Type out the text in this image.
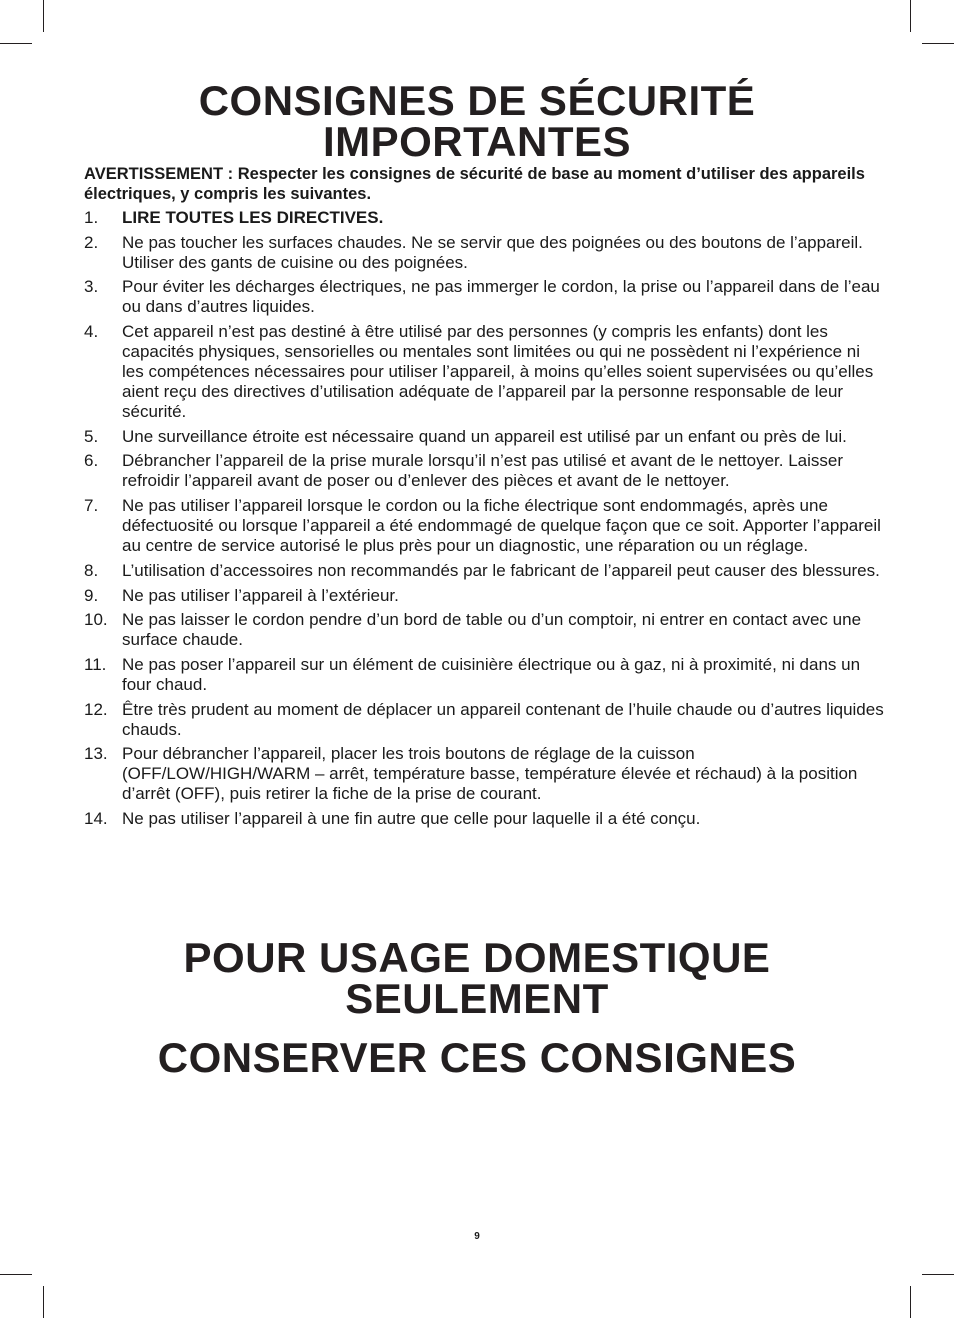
CONSIGNES DE SÉCURITÉ
IMPORTANTES

AVERTISSEMENT : Respecter les consignes de sécurité de base au moment d’utiliser des appareils électriques, y compris les suivantes.

1.	LIRE TOUTES LES DIRECTIVES.
2.	Ne pas toucher les surfaces chaudes. Ne se servir que des poignées ou des boutons de l’appareil. Utiliser des gants de cuisine ou des poignées.
3.	Pour éviter les décharges électriques, ne pas immerger le cordon, la prise ou l’appareil dans de l’eau ou dans d’autres liquides.
4.	Cet appareil n’est pas destiné à être utilisé par des personnes (y compris les enfants) dont les capacités physiques, sensorielles ou mentales sont limitées ou qui ne possèdent ni l’expérience ni les compétences nécessaires pour utiliser l’appareil, à moins qu’elles soient supervisées ou qu’elles aient reçu des directives d’utilisation adéquate de l’appareil par la personne responsable de leur sécurité.
5.	Une surveillance étroite est nécessaire quand un appareil est utilisé par un enfant ou près de lui.
6.	Débrancher l’appareil de la prise murale lorsqu’il n’est pas utilisé et avant de le nettoyer. Laisser refroidir l’appareil avant de poser ou d’enlever des pièces et avant de le nettoyer.
7.	Ne pas utiliser l’appareil lorsque le cordon ou la fiche électrique sont endommagés, après une défectuosité ou lorsque l’appareil a été endommagé de quelque façon que ce soit. Apporter l’appareil au centre de service autorisé le plus près pour un diagnostic, une réparation ou un réglage.
8.	L’utilisation d’accessoires non recommandés par le fabricant de l’appareil peut causer des blessures.
9.	Ne pas utiliser l’appareil à l’extérieur.
10. Ne pas laisser le cordon pendre d’un bord de table ou d’un comptoir, ni entrer en contact avec une surface chaude.
11. Ne pas poser l’appareil sur un élément de cuisinière électrique ou à gaz, ni à proximité, ni dans un four chaud.
12. Être très prudent au moment de déplacer un appareil contenant de l’huile chaude ou d’autres liquides chauds.
13. Pour débrancher l’appareil, placer les trois boutons de réglage de la cuisson (OFF/LOW/HIGH/WARM – arrêt, température basse, température élevée et réchaud) à la position d’arrêt (OFF), puis retirer la fiche de la prise de courant.
14. Ne pas utiliser l’appareil à une fin autre que celle pour laquelle il a été conçu.
POUR USAGE DOMESTIQUE
SEULEMENT
CONSERVER CES CONSIGNES
9
